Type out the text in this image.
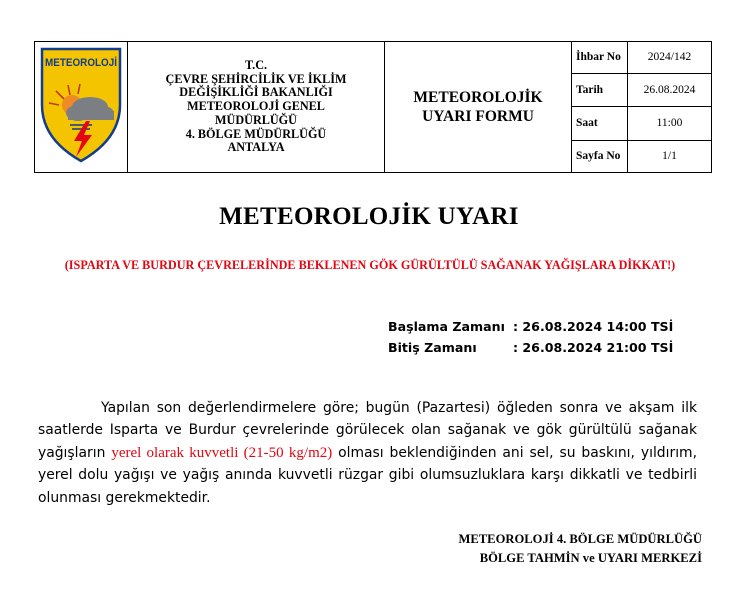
METEOROLOJİ	T.C.
ÇEVRE ŞEHİRCİLİK VE İKLİM
DEĞİŞİKLİĞİ BAKANLIĞI
METEOROLOJİ GENEL
MÜDÜRLÜĞÜ
4. BÖLGE MÜDÜRLÜĞÜ
ANTALYA

METEOROLOJİK
UYARI FORMU

İhbar No	2024/142
Tarih	26.08.2024
Saat	11:00
Sayfa No	1/1
METEOROLOJİK UYARI
(ISPARTA VE BURDUR ÇEVRELERİNDE BEKLENEN GÖK GÜRÜLTÜLÜ SAĞANAK YAĞIŞLARA DİKKAT!)
Başlama Zamanı : 26.08.2024 14:00 TSİ
Bitiş Zamanı	: 26.08.2024 21:00 TSİ
Yapılan son değerlendirmelere göre; bugün (Pazartesi) öğleden sonra ve akşam ilk saatlerde Isparta ve Burdur çevrelerinde görülecek olan sağanak ve gök gürültülü sağanak yağışların yerel olarak kuvvetli (21-50 kg/m2) olması beklendiğinden ani sel, su baskını, yıldırım, yerel dolu yağışı ve yağış anında kuvvetli rüzgar gibi olumsuzluklara karşı dikkatli ve tedbirli olunması gerekmektedir.
METEOROLOJİ 4. BÖLGE MÜDÜRLÜĞÜ
BÖLGE TAHMİN ve UYARI MERKEZİ
